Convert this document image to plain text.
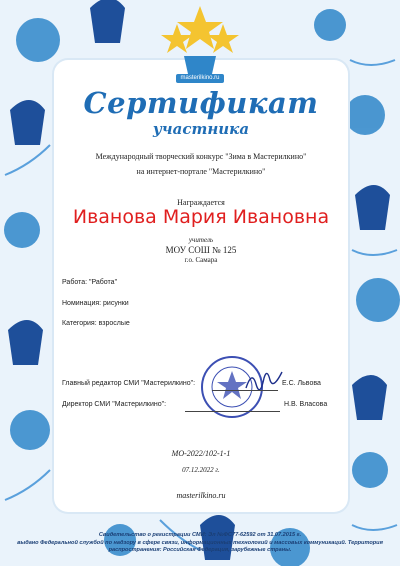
masterilkino.ru
Сертификат
участника
Международный творческий конкурс "Зима в Мастерилкино"
на интернет-портале "Мастерилкино"
Награждается
Иванова Мария Ивановна
учитель
МОУ СОШ № 125
г.о. Самара
Работа: "Работа"
Номинация: рисунки
Категория: взрослые
Главный редактор СМИ "Мастерилкино":	Е.С. Львова
Директор СМИ "Мастерилкино":	Н.В. Власова
МО-2022/102-1-1
07.12.2022 г.
masterilkino.ru
Свидетельство о регистрации СМИ: Эл №ФС77-62592 от 31.07.2015 г.
выдано Федеральной службой по надзору в сфере связи, информационных технологий и массовых коммуникаций. Территория
распространения: Российская Федерация, зарубежные страны.
